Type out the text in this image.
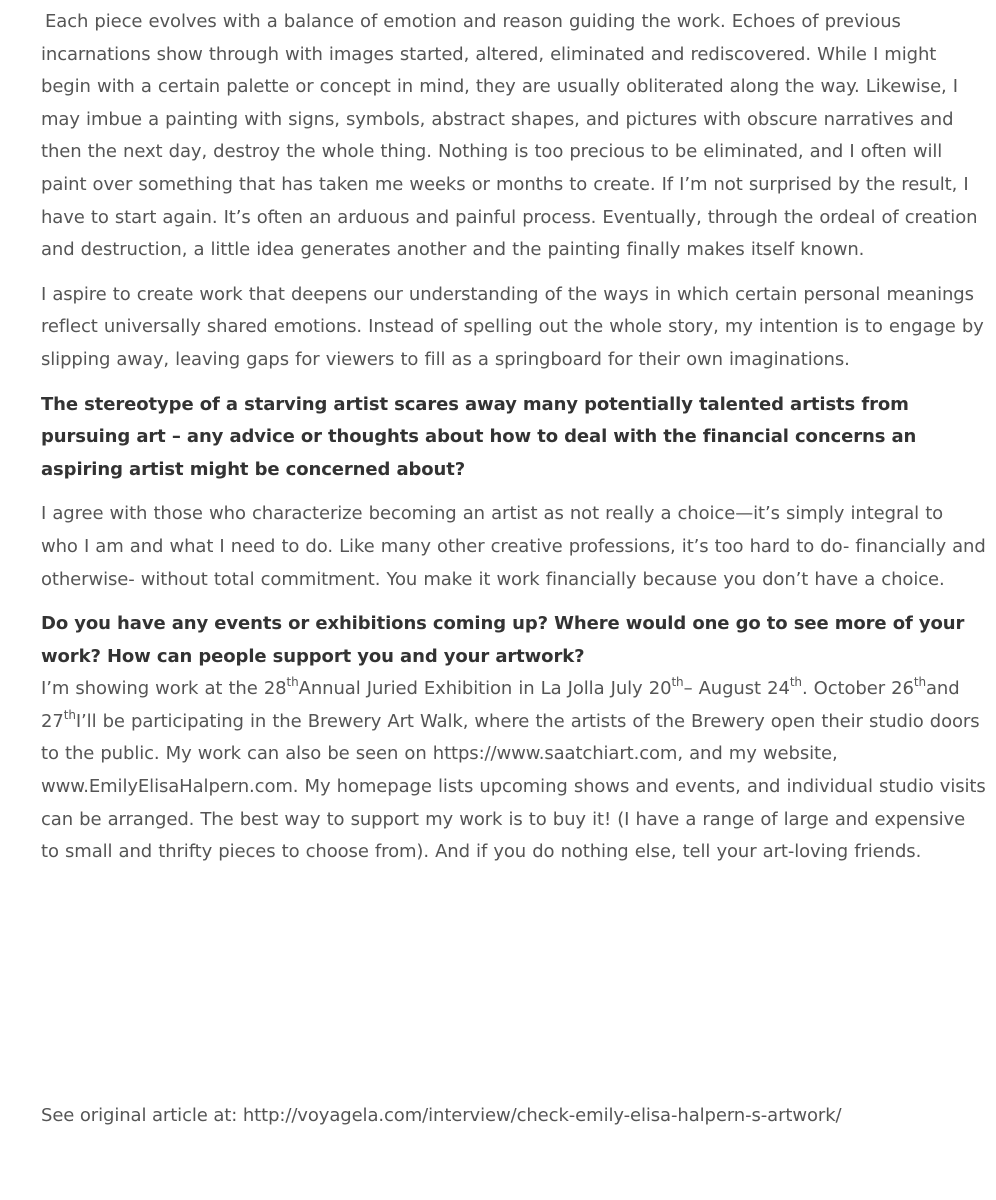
Each piece evolves with a balance of emotion and reason guiding the work. Echoes of previous incarnations show through with images started, altered, eliminated and rediscovered. While I might begin with a certain palette or concept in mind, they are usually obliterated along the way. Likewise, I may imbue a painting with signs, symbols, abstract shapes, and pictures with obscure narratives and then the next day, destroy the whole thing. Nothing is too precious to be eliminated, and I often will paint over something that has taken me weeks or months to create. If I’m not surprised by the result, I have to start again. It’s often an arduous and painful process. Eventually, through the ordeal of creation and destruction, a little idea generates another and the painting finally makes itself known.

I aspire to create work that deepens our understanding of the ways in which certain personal meanings reflect universally shared emotions. Instead of spelling out the whole story, my intention is to engage by slipping away, leaving gaps for viewers to fill as a springboard for their own imaginations.

The stereotype of a starving artist scares away many potentially talented artists from pursuing art – any advice or thoughts about how to deal with the financial concerns an aspiring artist might be concerned about?

I agree with those who characterize becoming an artist as not really a choice—it’s simply integral to who I am and what I need to do. Like many other creative professions, it’s too hard to do- financially and otherwise- without total commitment. You make it work financially because you don’t have a choice.

Do you have any events or exhibitions coming up? Where would one go to see more of your work? How can people support you and your artwork?

I’m showing work at the 28thAnnual Juried Exhibition in La Jolla July 20th– August 24th. October 26thand 27thI’ll be participating in the Brewery Art Walk, where the artists of the Brewery open their studio doors to the public. My work can also be seen on https://www.saatchiart.com, and my website, www.EmilyElisaHalpern.com. My homepage lists upcoming shows and events, and individual studio visits can be arranged. The best way to support my work is to buy it! (I have a range of large and expensive to small and thrifty pieces to choose from). And if you do nothing else, tell your art-loving friends.

See original article at: http://voyagela.com/interview/check-emily-elisa-halpern-s-artwork/
